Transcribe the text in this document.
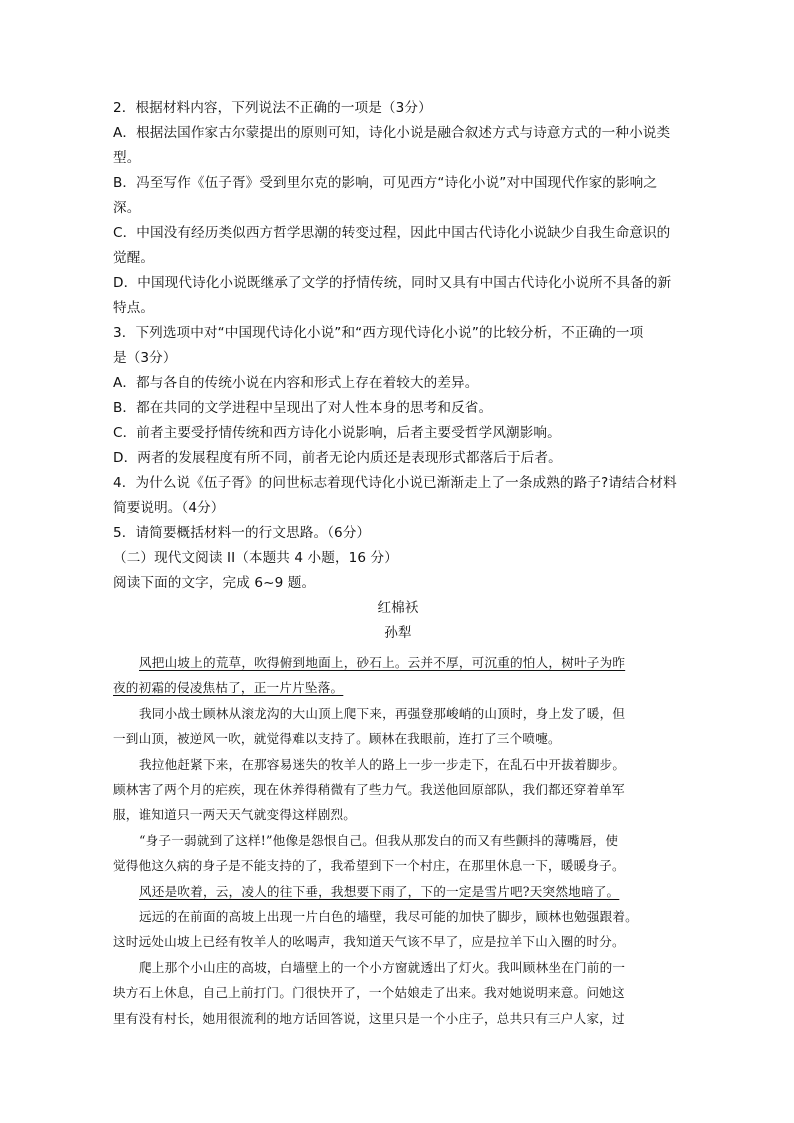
2．根据材料内容，下列说法不正确的一项是（3分）

A．根据法国作家古尔蒙提出的原则可知，诗化小说是融合叙述方式与诗意方式的一种小说类

型。

B．冯至写作《伍子胥》受到里尔克的影响，可见西方“诗化小说”对中国现代作家的影响之

深。

C．中国没有经历类似西方哲学思潮的转变过程，因此中国古代诗化小说缺少自我生命意识的

觉醒。

D．中国现代诗化小说既继承了文学的抒情传统，同时又具有中国古代诗化小说所不具备的新

特点。

3．下列选项中对“中国现代诗化小说”和“西方现代诗化小说”的比较分析，不正确的一项

是（3分）

A．都与各自的传统小说在内容和形式上存在着较大的差异。

B．都在共同的文学进程中呈现出了对人性本身的思考和反省。

C．前者主要受抒情传统和西方诗化小说影响，后者主要受哲学风潮影响。

D．两者的发展程度有所不同，前者无论内质还是表现形式都落后于后者。

4．为什么说《伍子胥》的问世标志着现代诗化小说已渐渐走上了一条成熟的路子?请结合材料

简要说明。（4分）

5．请简要概括材料一的行文思路。（6分）

（二）现代文阅读 II（本题共 4 小题，16 分）

阅读下面的文字，完成 6~9 题。

红棉袄

孙犁

风把山坡上的荒草，吹得俯到地面上，砂石上。云并不厚，可沉重的怕人，树叶子为昨

夜的初霜的侵凌焦枯了，正一片片坠落。

我同小战士顾林从滚龙沟的大山顶上爬下来，再强登那峻峭的山顶时，身上发了暖，但

一到山顶，被逆风一吹，就觉得难以支持了。顾林在我眼前，连打了三个喷嚏。

我拉他赶紧下来，在那容易迷失的牧羊人的路上一步一步走下，在乱石中开拔着脚步。

顾林害了两个月的疟疾，现在休养得稍微有了些力气。我送他回原部队，我们都还穿着单军

服，谁知道只一两天天气就变得这样剧烈。

“身子一弱就到了这样!”他像是怨恨自己。但我从那发白的而又有些颤抖的薄嘴唇，使

觉得他这久病的身子是不能支持的了，我希望到下一个村庄，在那里休息一下，暖暖身子。

风还是吹着，云，凌人的往下垂，我想要下雨了，下的一定是雪片吧?天突然地暗了。

远远的在前面的高坡上出现一片白色的墙壁，我尽可能的加快了脚步，顾林也勉强跟着。

这时远处山坡上已经有牧羊人的吆喝声，我知道天气该不早了，应是拉羊下山入圈的时分。

爬上那个小山庄的高坡，白墙壁上的一个小方窗就透出了灯火。我叫顾林坐在门前的一

块方石上休息，自己上前打门。门很快开了，一个姑娘走了出来。我对她说明来意。问她这

里有没有村长，她用很流利的地方话回答说，这里只是一个小庄子，总共只有三户人家，过
